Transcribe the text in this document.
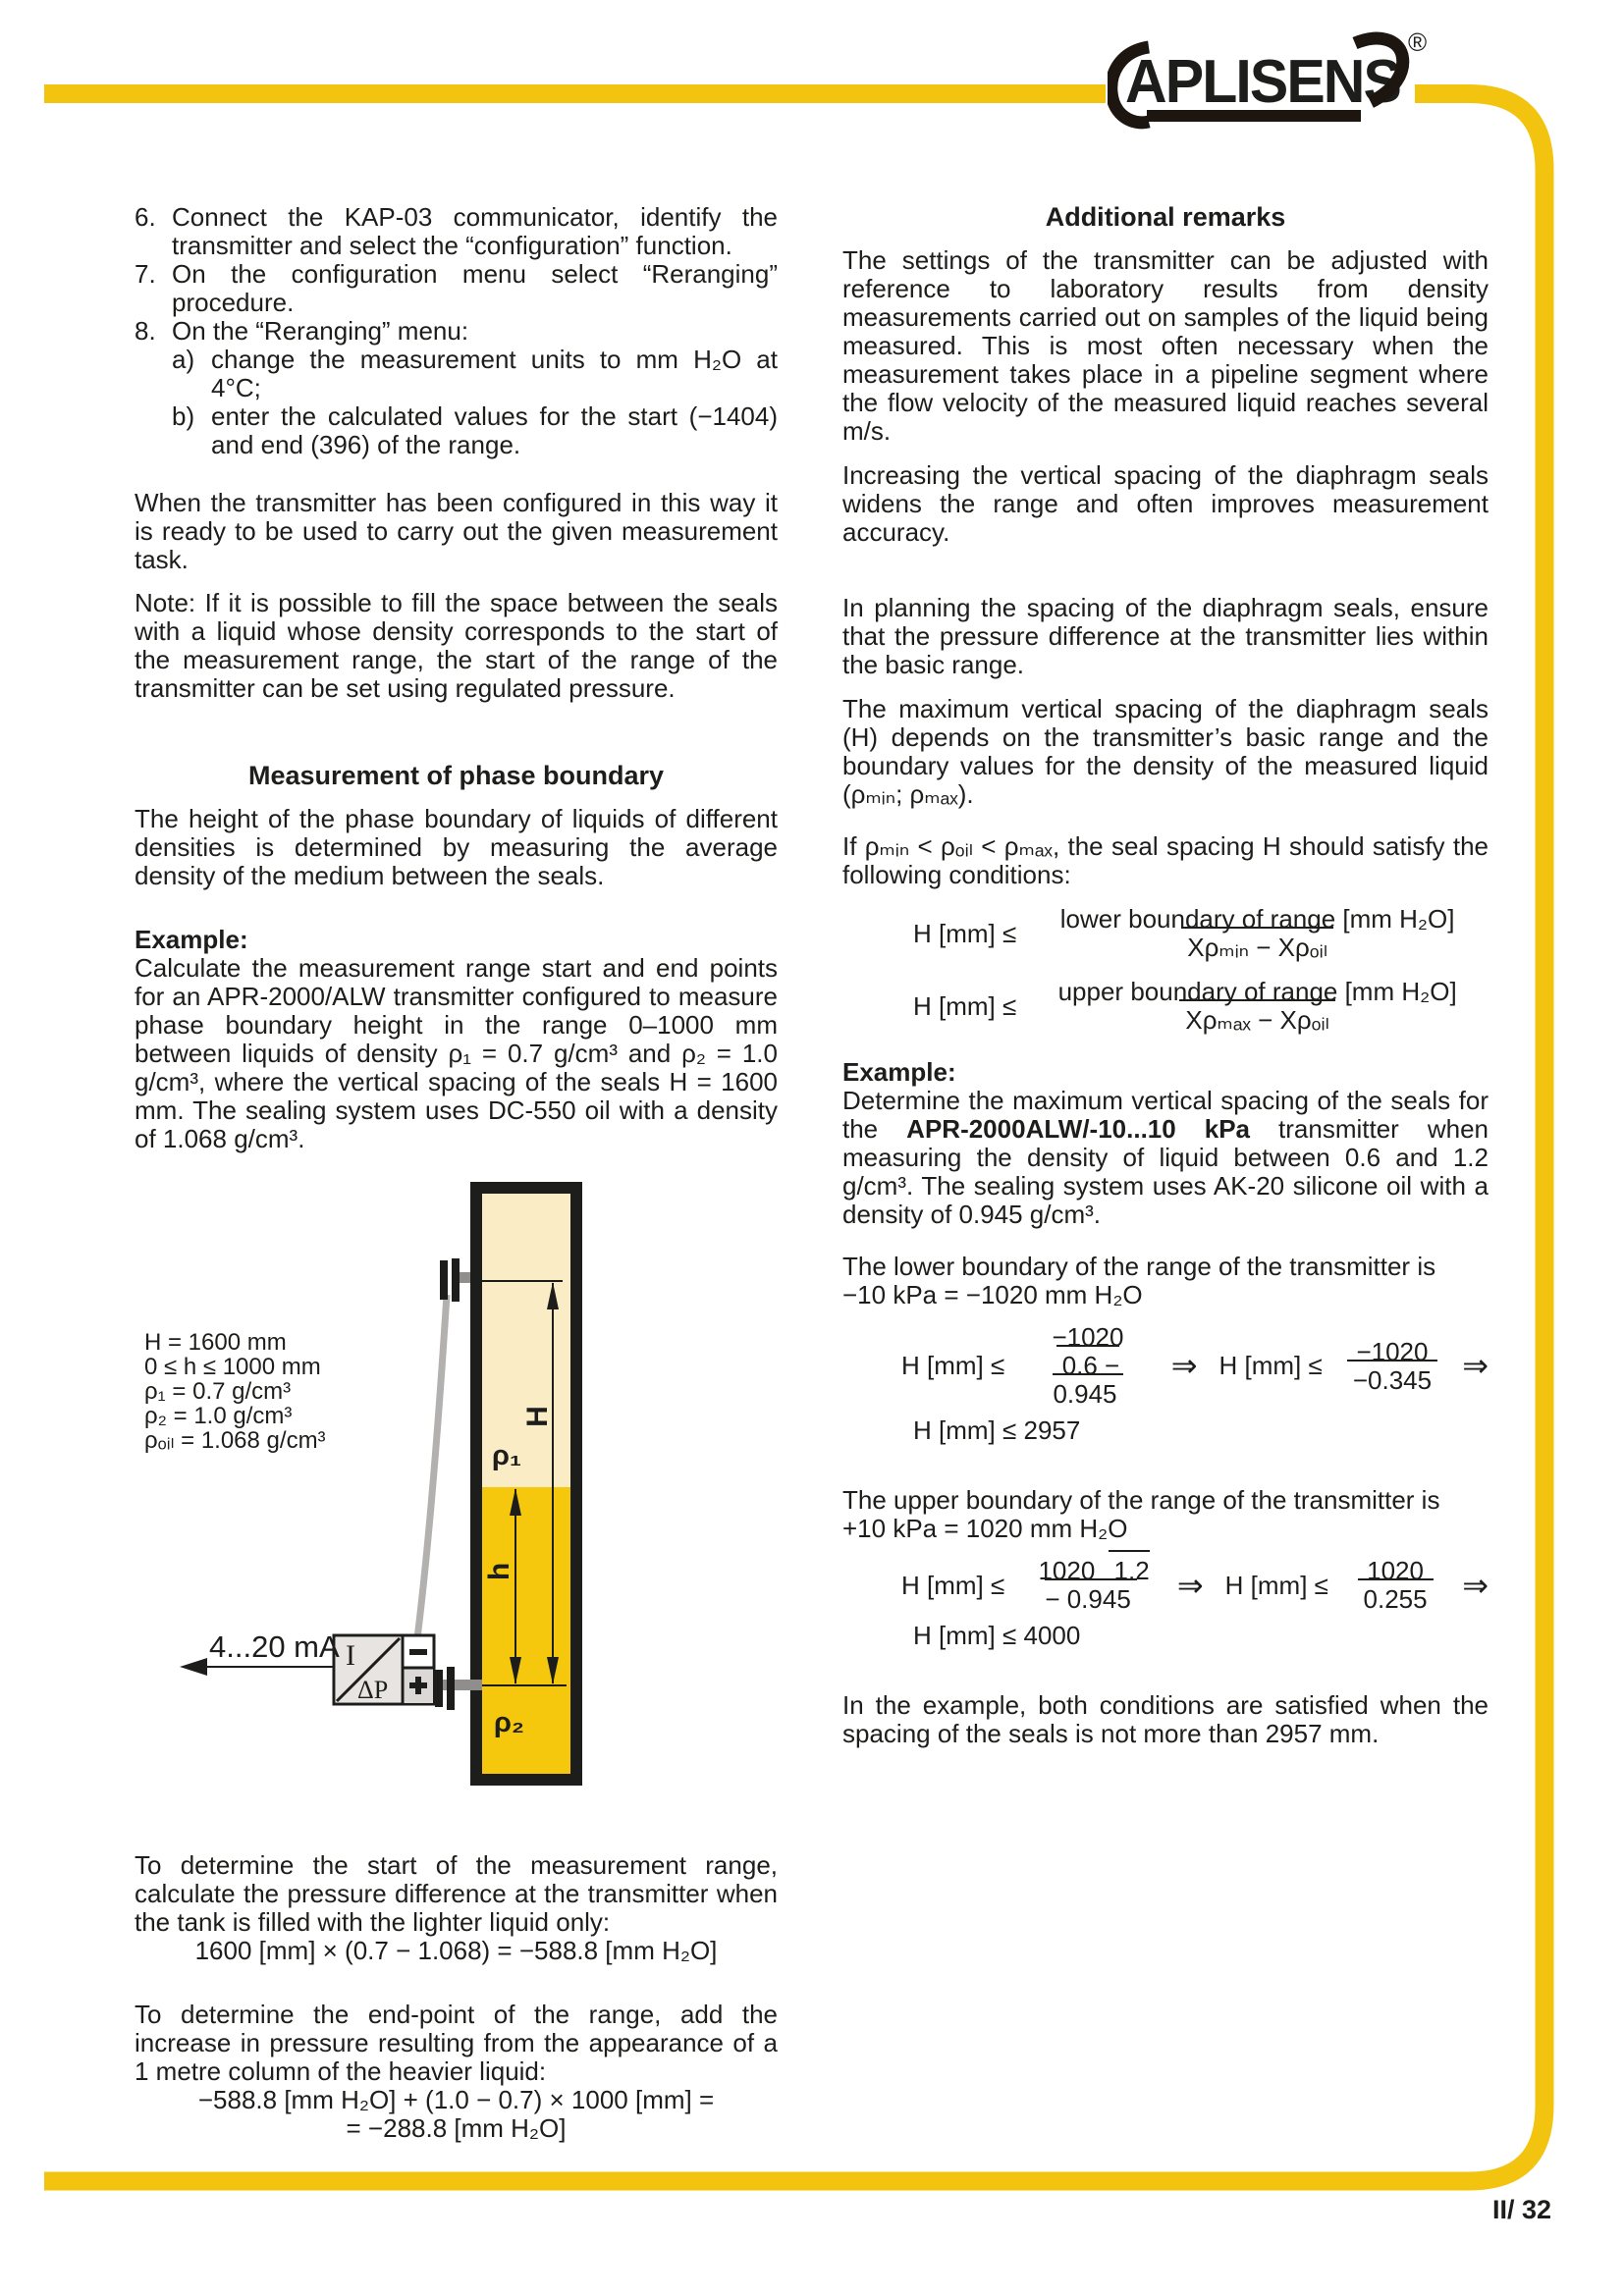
APLISENS
®
6. Connect the KAP-03 communicator, identify the transmitter and select the “configuration” function.
7. On the configuration menu select “Reranging” procedure.
8. On the “Reranging” menu:
a) change the measurement units to mm H₂O at 4°C;
b) enter the calculated values for the start (−1404) and end (396) of the range.

When the transmitter has been configured in this way it is ready to be used to carry out the given measurement task.

Note: If it is possible to fill the space between the seals with a liquid whose density corresponds to the start of the measurement range, the start of the range of the transmitter can be set using regulated pressure.

Measurement of phase boundary

The height of the phase boundary of liquids of different densities is determined by measuring the average density of the medium between the seals.

Example:

Calculate the measurement range start and end points for an APR-2000/ALW transmitter configured to measure phase boundary height in the range 0–1000 mm between liquids of density ρ₁ = 0.7 g/cm³ and ρ₂ = 1.0 g/cm³, where the vertical spacing of the seals H = 1600 mm. The sealing system uses DC-550 oil with a density of 1.068 g/cm³.

H
h
ρ₁
ρ₂
I
ΔP
4...20 mA
H = 1600 mm
0 ≤ h ≤ 1000 mm
ρ₁ = 0.7 g/cm³
ρ₂ = 1.0 g/cm³
ρₒᵢₗ = 1.068 g/cm³

To determine the start of the measurement range, calculate the pressure difference at the transmitter when the tank is filled with the lighter liquid only:

1600 [mm] × (0.7 − 1.068) = −588.8 [mm H₂O]

To determine the end-point of the range, add the increase in pressure resulting from the appearance of a 1 metre column of the heavier liquid:

−588.8 [mm H₂O] + (1.0 − 0.7) × 1000 [mm] =

= −288.8 [mm H₂O]

Additional remarks

The settings of the transmitter can be adjusted with reference to laboratory results from density measurements carried out on samples of the liquid being measured. This is most often necessary when the measurement takes place in a pipeline segment where the flow velocity of the measured liquid reaches several m/s.

Increasing the vertical spacing of the diaphragm seals widens the range and often improves measurement accuracy.

In planning the spacing of the diaphragm seals, ensure that the pressure difference at the transmitter lies within the basic range.

The maximum vertical spacing of the diaphragm seals (H) depends on the transmitter’s basic range and the boundary values for the density of the measured liquid (ρₘᵢₙ; ρₘₐₓ).

If ρₘᵢₙ < ρₒᵢₗ < ρₘₐₓ, the seal spacing H should satisfy the following conditions:

H [mm] ≤	lower boundary of range [mm H₂O] Xρₘᵢₙ − Xρₒᵢₗ
H [mm] ≤	upper boundary of range [mm H₂O] Xρₘₐₓ − Xρₒᵢₗ

Example:

Determine the maximum vertical spacing of the seals for the APR-2000ALW/-10...10 kPa transmitter when measuring the density of liquid between 0.6 and 1.2 g/cm³. The sealing system uses AK-20 silicone oil with a density of 0.945 g/cm³.

The lower boundary of the range of the transmitter is
−10 kPa = −1020 mm H₂O

H [mm] ≤
−1020 0.6 − 0.945
⇒ H [mm] ≤	−1020 −0.345 ⇒

H [mm] ≤ 2957

The upper boundary of the range of the transmitter is
+10 kPa = 1020 mm H₂O

H [mm] ≤	1020 1.2 − 0.945	⇒ H [mm] ≤	1020 0.255	⇒

H [mm] ≤ 4000

In the example, both conditions are satisfied when the spacing of the seals is not more than 2957 mm.

II/ 32
